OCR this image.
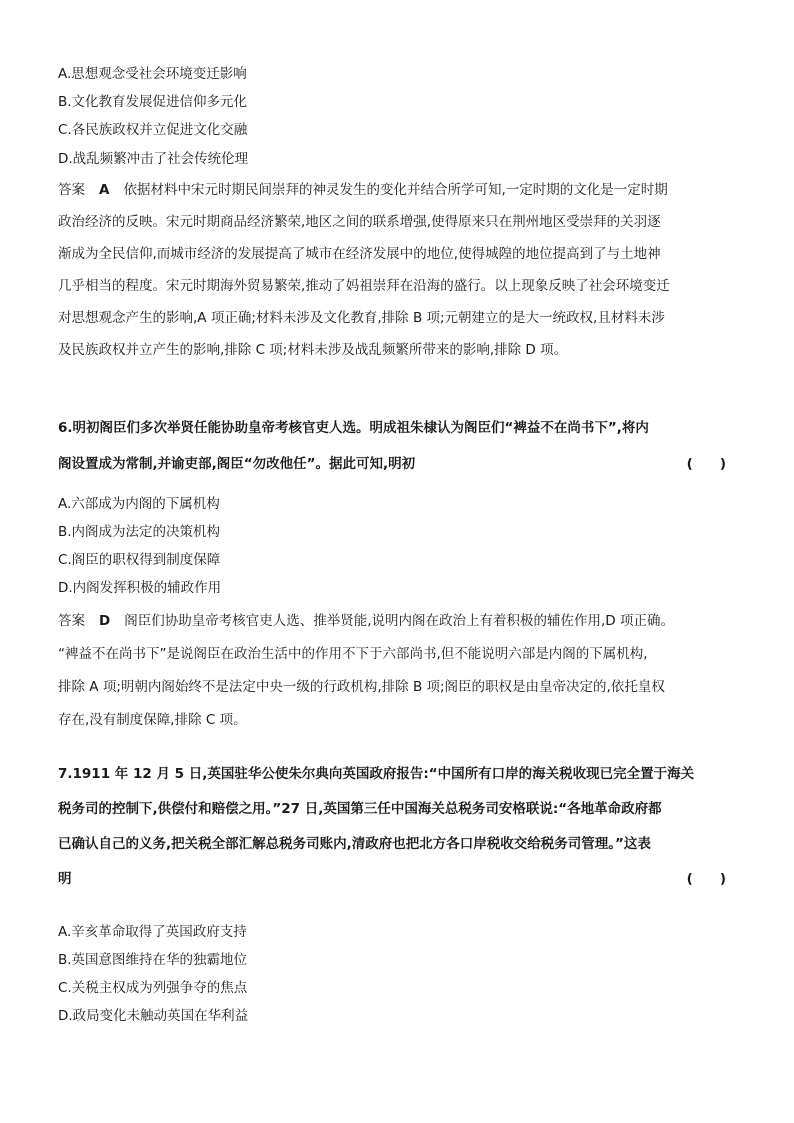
A.思想观念受社会环境变迁影响
B.文化教育发展促进信仰多元化
C.各民族政权并立促进文化交融
D.战乱频繁冲击了社会传统伦理
答案 A 依据材料中宋元时期民间崇拜的神灵发生的变化并结合所学可知,一定时期的文化是一定时期
政治经济的反映。宋元时期商品经济繁荣,地区之间的联系增强,使得原来只在荆州地区受崇拜的关羽逐
渐成为全民信仰,而城市经济的发展提高了城市在经济发展中的地位,使得城隍的地位提高到了与土地神
几乎相当的程度。宋元时期海外贸易繁荣,推动了妈祖崇拜在沿海的盛行。以上现象反映了社会环境变迁
对思想观念产生的影响,A 项正确;材料未涉及文化教育,排除 B 项;元朝建立的是大一统政权,且材料未涉
及民族政权并立产生的影响,排除 C 项;材料未涉及战乱频繁所带来的影响,排除 D 项。
6.明初阁臣们多次举贤任能协助皇帝考核官吏人选。明成祖朱棣认为阁臣们“裨益不在尚书下”,将内
阁设置成为常制,并谕吏部,阁臣“勿改他任”。据此可知,明初	(　　)
A.六部成为内阁的下属机构
B.内阁成为法定的决策机构
C.阁臣的职权得到制度保障
D.内阁发挥积极的辅政作用
答案 D 阁臣们协助皇帝考核官吏人选、推举贤能,说明内阁在政治上有着积极的辅佐作用,D 项正确。
“裨益不在尚书下”是说阁臣在政治生活中的作用不下于六部尚书,但不能说明六部是内阁的下属机构,
排除 A 项;明朝内阁始终不是法定中央一级的行政机构,排除 B 项;阁臣的职权是由皇帝决定的,依托皇权
存在,没有制度保障,排除 C 项。
7.1911 年 12 月 5 日,英国驻华公使朱尔典向英国政府报告:“中国所有口岸的海关税收现已完全置于海关
税务司的控制下,供偿付和赔偿之用。”27 日,英国第三任中国海关总税务司安格联说:“各地革命政府都
已确认自己的义务,把关税全部汇解总税务司账内,清政府也把北方各口岸税收交给税务司管理。”这表
明	(　　)
A.辛亥革命取得了英国政府支持
B.英国意图维持在华的独霸地位
C.关税主权成为列强争夺的焦点
D.政局变化未触动英国在华利益
